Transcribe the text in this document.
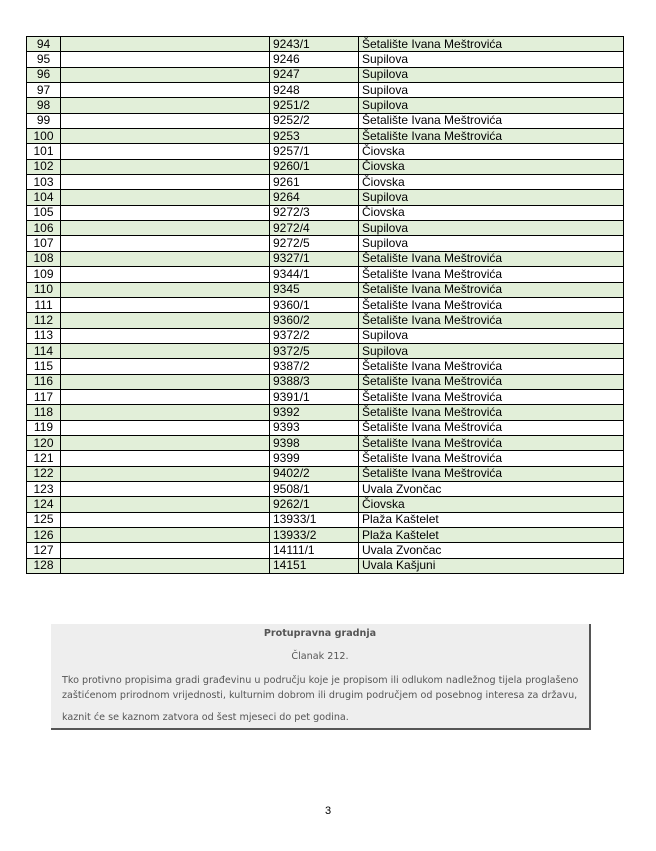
94		9243/1	Šetalište Ivana Meštrovića
95		9246	Supilova
96		9247	Supilova
97		9248	Supilova
98		9251/2	Supilova
99		9252/2	Šetalište Ivana Meštrovića
100		9253	Šetalište Ivana Meštrovića
101		9257/1	Čiovska
102		9260/1	Čiovska
103		9261	Čiovska
104		9264	Supilova
105		9272/3	Čiovska
106		9272/4	Supilova
107		9272/5	Supilova
108		9327/1	Šetalište Ivana Meštrovića
109		9344/1	Šetalište Ivana Meštrovića
110		9345	Šetalište Ivana Meštrovića
111		9360/1	Šetalište Ivana Meštrovića
112		9360/2	Šetalište Ivana Meštrovića
113		9372/2	Supilova
114		9372/5	Supilova
115		9387/2	Šetalište Ivana Meštrovića
116		9388/3	Šetalište Ivana Meštrovića
117		9391/1	Šetalište Ivana Meštrovića
118		9392	Šetalište Ivana Meštrovića
119		9393	Šetalište Ivana Meštrovića
120		9398	Šetalište Ivana Meštrovića
121		9399	Šetalište Ivana Meštrovića
122		9402/2	Šetalište Ivana Meštrovića
123		9508/1	Uvala Zvončac
124		9262/1	Čiovska
125		13933/1	Plaža Kaštelet
126		13933/2	Plaža Kaštelet
127		14111/1	Uvala Zvončac
128		14151	Uvala Kašjuni
Protupravna gradnja
Članak 212.
Tko protivno propisima gradi građevinu u području koje je propisom ili odlukom nadležnog tijela proglašeno zaštićenom prirodnom vrijednosti, kulturnim dobrom ili drugim područjem od posebnog interesa za državu,
kaznit će se kaznom zatvora od šest mjeseci do pet godina.
3
